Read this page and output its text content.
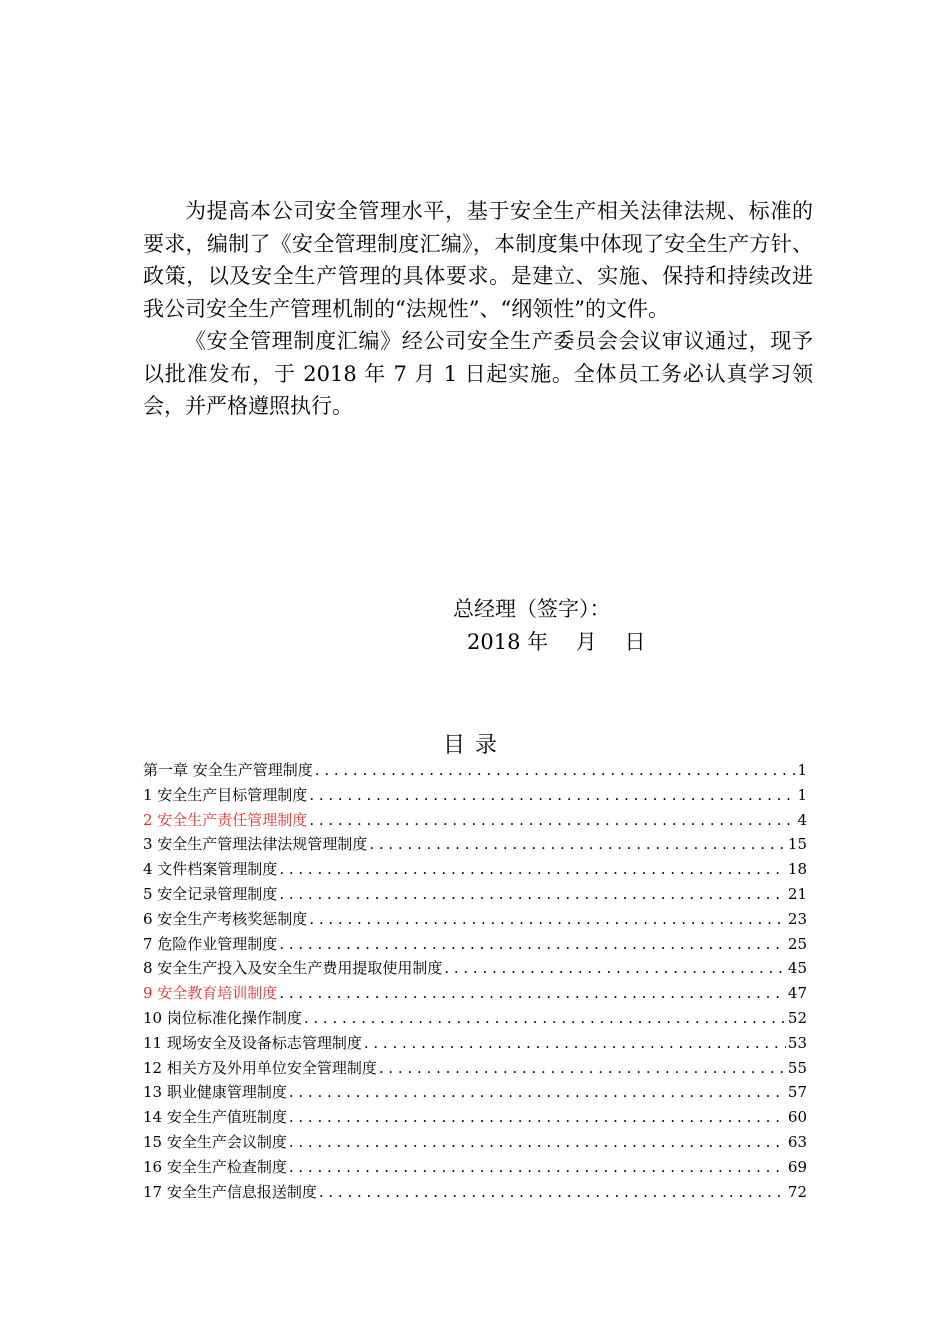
为提高本公司安全管理水平，基于安全生产相关法律法规、标准的要求，编制了《安全管理制度汇编》，本制度集中体现了安全生产方针、政策，以及安全生产管理的具体要求。是建立、实施、保持和持续改进我公司安全生产管理机制的“法规性”、“纲领性”的文件。

《安全管理制度汇编》经公司安全生产委员会会议审议通过，现予以批准发布，于 2018 年 7 月 1 日起实施。全体员工务必认真学习领会，并严格遵照执行。

总经理（签字）：
2018 年　 月　 日
目录
第一章 安全生产管理制度 . . .	1
1 安全生产目标管理制度 . . .	1
2 安全生产责任管理制度 . . .	4
3 安全生产管理法律法规管理制度 . . .	15
4 文件档案管理制度 . . .	18
5 安全记录管理制度 . . .	21
6 安全生产考核奖惩制度 . . .	23
7 危险作业管理制度 . . .	25
8 安全生产投入及安全生产费用提取使用制度 . . .	45
9 安全教育培训制度 . . .	47
10 岗位标准化操作制度 . . .	52
11 现场安全及设备标志管理制度 . . .	53
12 相关方及外用单位安全管理制度 . . .	55
13 职业健康管理制度 . . .	57
14 安全生产值班制度 . . .	60
15 安全生产会议制度 . . .	63
16 安全生产检查制度 . . .	69
17 安全生产信息报送制度 . . .	72
